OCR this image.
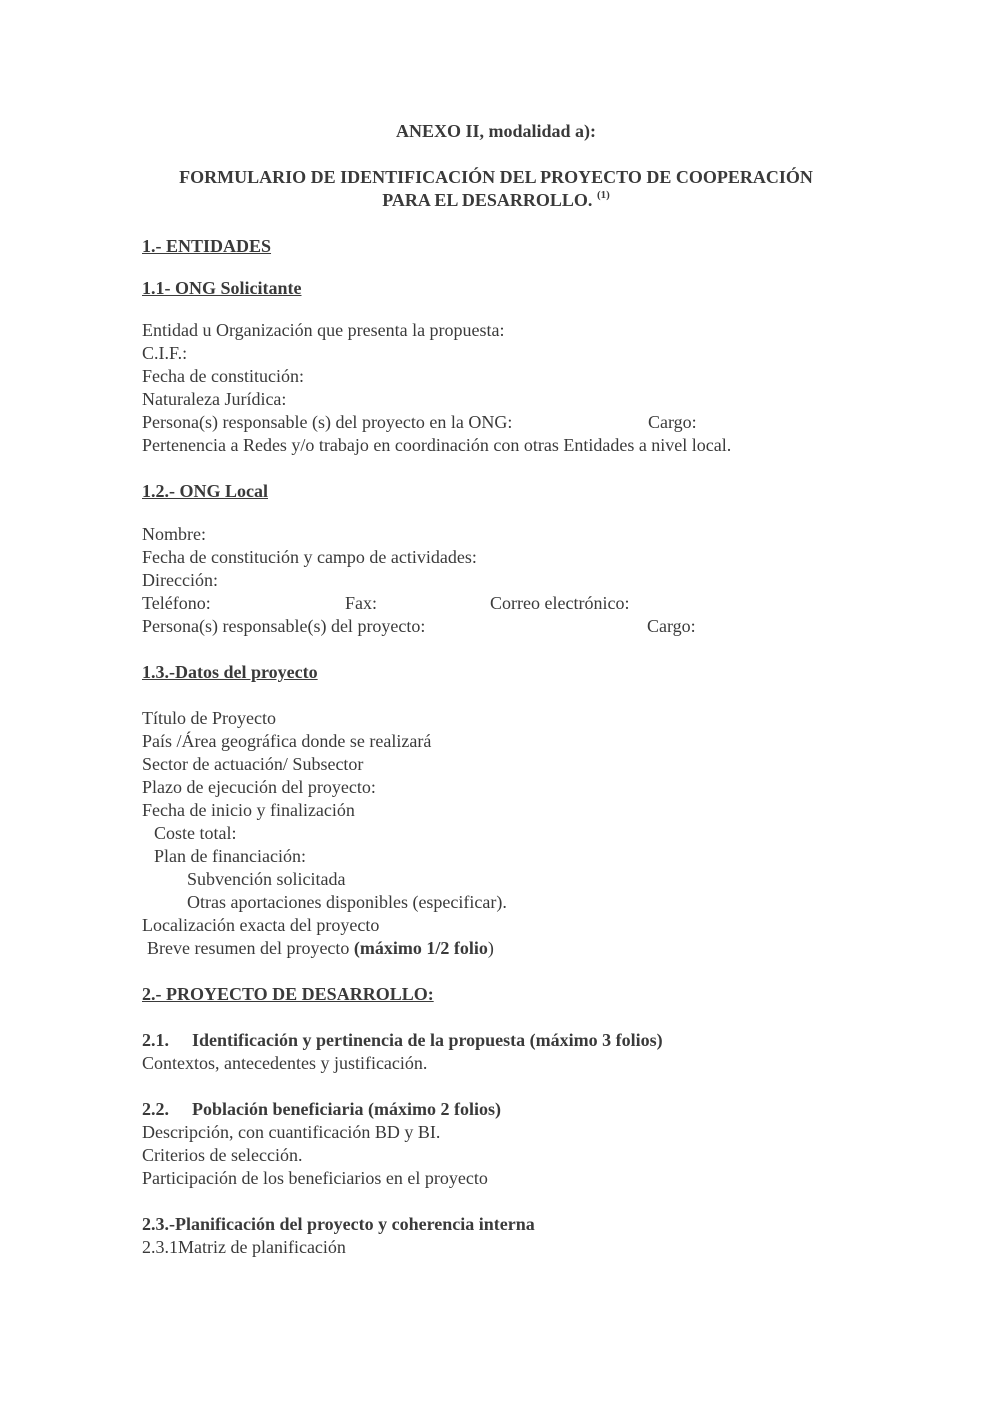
ANEXO II, modalidad a):
FORMULARIO DE IDENTIFICACIÓN DEL PROYECTO DE COOPERACIÓN
PARA EL DESARROLLO. $^{(1)}$
1.- ENTIDADES
1.1- ONG Solicitante
Entidad u Organización que presenta la propuesta:
C.I.F.:
Fecha de constitución:
Naturaleza Jurídica:
Persona(s) responsable (s) del proyecto en la ONG:	Cargo:
Pertenencia a Redes y/o trabajo en coordinación con otras Entidades a nivel local.
1.2.- ONG Local
Nombre:
Fecha de constitución y campo de actividades:
Dirección:
Teléfono:	Fax:	Correo electrónico:
Persona(s) responsable(s) del proyecto:	Cargo:
1.3.-Datos del proyecto
Título de Proyecto
País /Área geográfica donde se realizará
Sector de actuación/ Subsector
Plazo de ejecución del proyecto:
Fecha de inicio y finalización
Coste total:
Plan de financiación:
Subvención solicitada
Otras aportaciones disponibles (especificar).
Localización exacta del proyecto
Breve resumen del proyecto (máximo 1/2 folio)
2.- PROYECTO DE DESARROLLO:
2.1. Identificación y pertinencia de la propuesta (máximo 3 folios)
Contextos, antecedentes y justificación.
2.2. Población beneficiaria (máximo 2 folios)
Descripción, con cuantificación BD y BI.
Criterios de selección.
Participación de los beneficiarios en el proyecto
2.3.-Planificación del proyecto y coherencia interna
2.3.1Matriz de planificación
